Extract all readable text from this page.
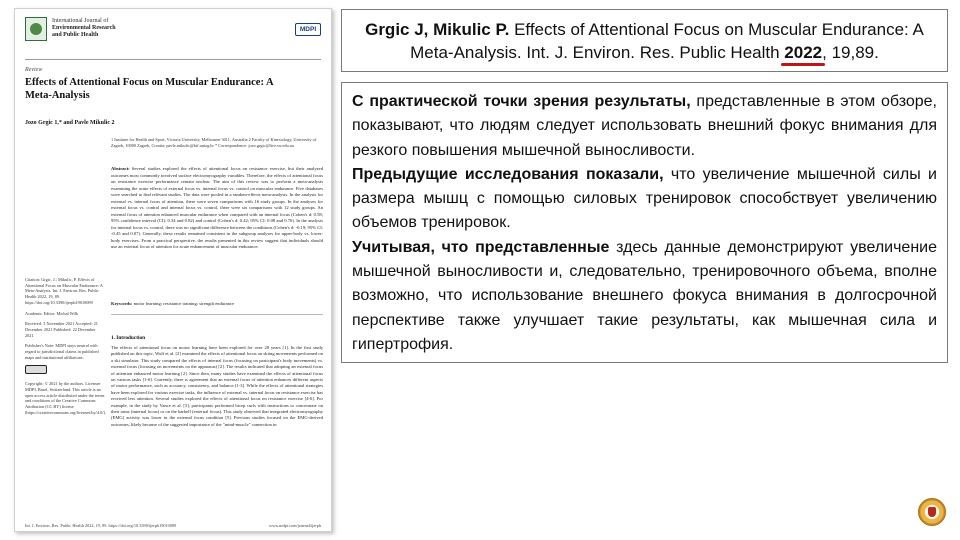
International Journal of
Environmental Research
and Public Health
MDPI
Review
Effects of Attentional Focus on Muscular Endurance: A Meta-Analysis
Jozo Grgic 1,* and Pavle Mikulic 2
1 Institute for Health and Sport, Victoria University, Melbourne 3011, Australia 2 Faculty of Kinesiology, University of Zagreb, 10000 Zagreb, Croatia; pavle.mikulic@kif.unizg.hr * Correspondence: jozo.grgic@live.vu.edu.au
Abstract: Several studies explored the effects of attentional focus on resistance exercise, but their analyzed outcomes most commonly involved surface electromyography variables. Therefore, the effects of attentional focus on resistance exercise performance remain unclear. The aim of this review was to perform a meta-analysis examining the acute effects of external focus vs. internal focus vs. control on muscular endurance. Five databases were searched to find relevant studies. The data were pooled in a random-effects meta-analysis. In the analysis for external vs. internal focus of attention, there were seven comparisons with 16 study groups. In the analyses for external focus vs. control and internal focus vs. control, there were six comparisons with 12 study groups. An external focus of attention enhanced muscular endurance when compared with an internal focus (Cohen's d: 0.58; 95% confidence interval (CI): 0.34 and 0.82) and control (Cohen's d: 0.42; 95% CI: 0.08 and 0.76). In the analysis for internal focus vs. control, there was no significant difference between the conditions (Cohen's d: -0.19; 95% CI: -0.45 and 0.07). Generally, these results remained consistent in the subgroup analyses for upper-body vs. lower-body exercises. From a practical perspective, the results presented in this review suggest that individuals should use an external focus of attention for acute enhancement of muscular endurance.
Keywords: motor learning; resistance training; strength endurance
1. Introduction
The effects of attentional focus on motor learning have been explored for over 20 years [1]. In the first study published on this topic, Wulf et al. [2] examined the effects of attentional focus on skiing movements performed on a ski simulator. This study compared the effects of internal focus (focusing on participant's body movements) vs. external focus (focusing on movements on the apparatus) [2]. The results indicated that adopting an external focus of attention enhanced motor learning [2]. Since then, many studies have examined the effects of attentional focus on various tasks [1-6]. Currently, there is agreement that an external focus of attention enhances different aspects of motor performance, such as accuracy, consistency, and balance [1-3]. While the effects of attentional strategies have been explored for various exercise tasks, the influence of external vs. internal focus on resistance exercise has received less attention. Several studies explored the effects of attentional focus on resistance exercise [4-6]. For example, in the study by Vance et al. [5], participants performed bicep curls with instructions to concentrate on their arms (internal focus) or on the barbell (external focus). This study observed that integrated electromyography (EMG) activity was lower in the external focus condition [5]. Previous studies focused on the EMG-derived outcomes, likely because of the suggested importance of the "mind-muscle" connection in

Citation: Grgic, J.; Mikulic, P. Effects of Attentional Focus on Muscular Endurance: A Meta-Analysis. Int. J. Environ. Res. Public Health 2022, 19, 89. https://doi.org/10.3390/ijerph19010089

Academic Editor: Michal Wilk

Received: 3 November 2021 Accepted: 21 December 2021 Published: 22 December 2021

Publisher's Note: MDPI stays neutral with regard to jurisdictional claims in published maps and institutional affiliations.

Copyright: © 2021 by the authors. Licensee MDPI, Basel, Switzerland. This article is an open access article distributed under the terms and conditions of the Creative Commons Attribution (CC BY) license (https://creativecommons.org/licenses/by/4.0/).

Int. J. Environ. Res. Public Health 2022, 19, 89. https://doi.org/10.3390/ijerph19010089	www.mdpi.com/journal/ijerph
Grgic J, Mikulic P. Effects of Attentional Focus on Muscular Endurance: A Meta-Analysis. Int. J. Environ. Res. Public Health 2022, 19,89.

С практической точки зрения результаты, представленные в этом обзоре, показывают, что людям следует использовать внешний фокус внимания для резкого повышения мышечной выносливости.

Предыдущие исследования показали, что увеличение мышечной силы и размера мышц с помощью силовых тренировок способствует увеличению объемов тренировок.

Учитывая, что представленные здесь данные демонстрируют увеличение мышечной выносливости и, следовательно, тренировочного объема, вполне возможно, что использование внешнего фокуса внимания в долгосрочной перспективе также улучшает такие результаты, как мышечная сила и гипертрофия.
